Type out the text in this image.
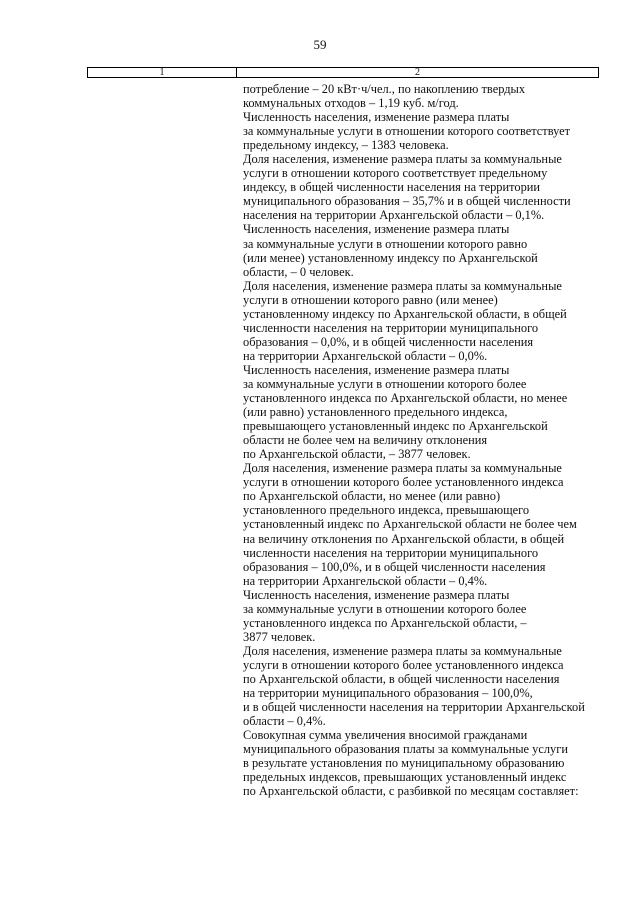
59
1	2
потребление – 20 кВт·ч/чел., по накоплению твердых
коммунальных отходов – 1,19 куб. м/год.
Численность населения, изменение размера платы
за коммунальные услуги в отношении которого соответствует
предельному индексу, – 1383 человека.
Доля населения, изменение размера платы за коммунальные
услуги в отношении которого соответствует предельному
индексу, в общей численности населения на территории
муниципального образования – 35,7% и в общей численности
населения на территории Архангельской области – 0,1%.
Численность населения, изменение размера платы
за коммунальные услуги в отношении которого равно
(или менее) установленному индексу по Архангельской
области, – 0 человек.
Доля населения, изменение размера платы за коммунальные
услуги в отношении которого равно (или менее)
установленному индексу по Архангельской области, в общей
численности населения на территории муниципального
образования – 0,0%, и в общей численности населения
на территории Архангельской области – 0,0%.
Численность населения, изменение размера платы
за коммунальные услуги в отношении которого более
установленного индекса по Архангельской области, но менее
(или равно) установленного предельного индекса,
превышающего установленный индекс по Архангельской
области не более чем на величину отклонения
по Архангельской области, – 3877 человек.
Доля населения, изменение размера платы за коммунальные
услуги в отношении которого более установленного индекса
по Архангельской области, но менее (или равно)
установленного предельного индекса, превышающего
установленный индекс по Архангельской области не более чем
на величину отклонения по Архангельской области, в общей
численности населения на территории муниципального
образования – 100,0%, и в общей численности населения
на территории Архангельской области – 0,4%.
Численность населения, изменение размера платы
за коммунальные услуги в отношении которого более
установленного индекса по Архангельской области, –
3877 человек.
Доля населения, изменение размера платы за коммунальные
услуги в отношении которого более установленного индекса
по Архангельской области, в общей численности населения
на территории муниципального образования – 100,0%,
и в общей численности населения на территории Архангельской
области – 0,4%.
Совокупная сумма увеличения вносимой гражданами
муниципального образования платы за коммунальные услуги
в результате установления по муниципальному образованию
предельных индексов, превышающих установленный индекс
по Архангельской области, с разбивкой по месяцам составляет:
